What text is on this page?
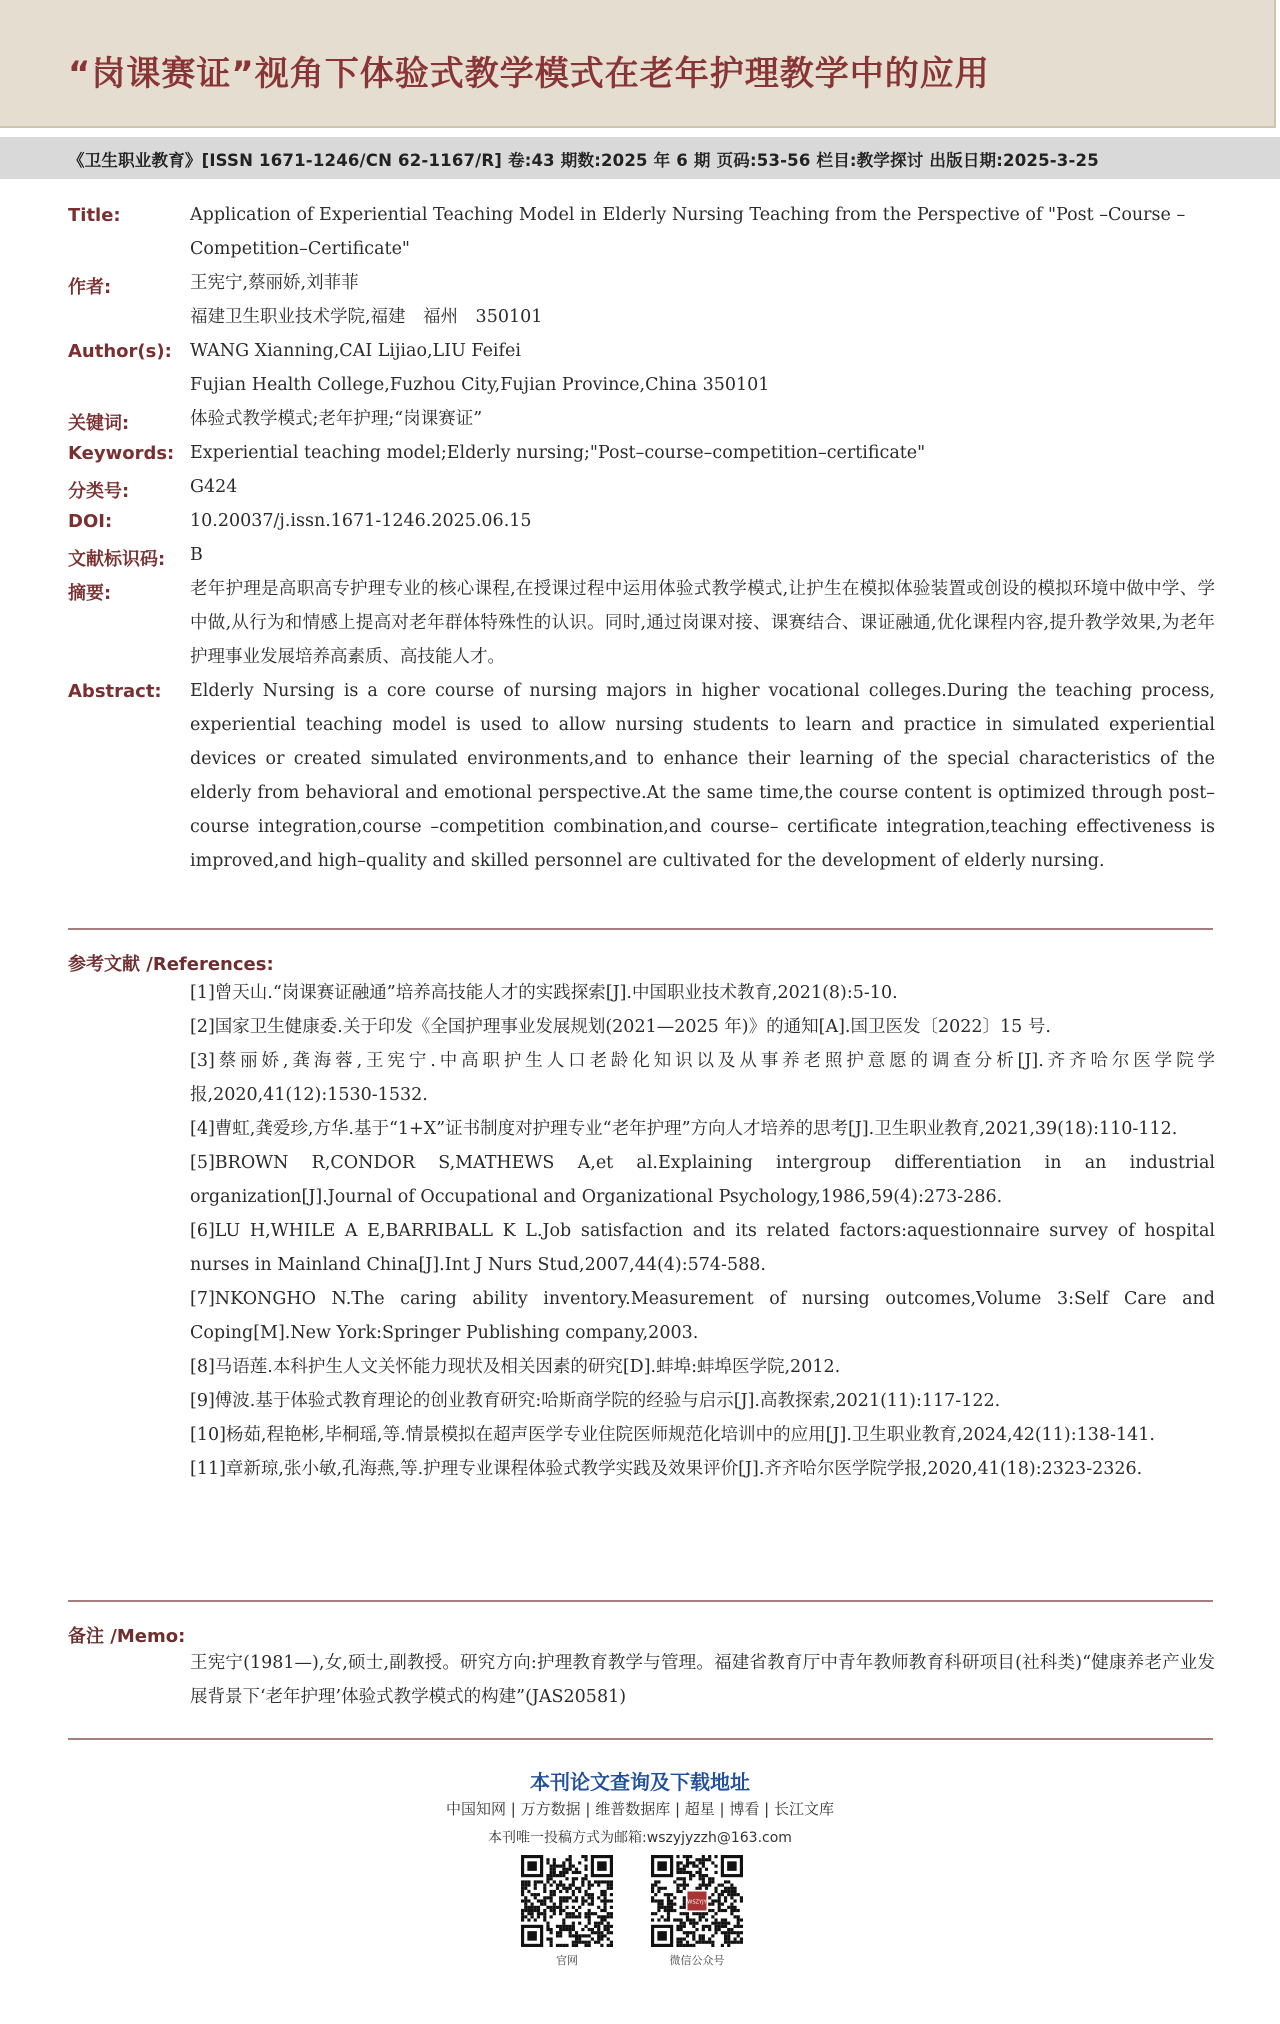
“岗课赛证”视角下体验式教学模式在老年护理教学中的应用
《卫生职业教育》[ISSN 1671-1246/CN 62-1167/R] 卷:43 期数:2025 年 6 期 页码:53-56 栏目:教学探讨 出版日期:2025-3-25
Title:	Application of Experiential Teaching Model in Elderly Nursing Teaching from the Perspective of "Post –Course –

Competition–Certificate"

作者:	王宪宁,蔡丽娇,刘菲菲

福建卫生职业技术学院,福建　福州　350101

Author(s): WANG Xianning,CAI Lijiao,LIU Feifei

Fujian Health College,Fuzhou City,Fujian Province,China 350101

关键词:	体验式教学模式;老年护理;“岗课赛证”
Keywords: Experiential teaching model;Elderly nursing;"Post–course–competition–certificate"
分类号:	G424
DOI:	10.20037/j.issn.1671-1246.2025.06.15
文献标识码: B
摘要:	老年护理是高职高专护理专业的核心课程,在授课过程中运用体验式教学模式,让护生在模拟体验装置或创设的模拟环境中做中学、学中做,从行为和情感上提高对老年群体特殊性的认识。同时,通过岗课对接、课赛结合、课证融通,优化课程内容,提升教学效果,为老年护理事业发展培养高素质、高技能人才。
Abstract: Elderly Nursing is a core course of nursing majors in higher vocational colleges.During the teaching process, experiential teaching model is used to allow nursing students to learn and practice in simulated experiential devices or created simulated environments,and to enhance their learning of the special characteristics of the elderly from behavioral and emotional perspective.At the same time,the course content is optimized through post–course integration,course –competition combination,and course– certificate integration,teaching effectiveness is improved,and high–quality and skilled personnel are cultivated for the development of elderly nursing.
参考文献 /References:
[1]曾天山.“岗课赛证融通”培养高技能人才的实践探索[J].中国职业技术教育,2021(8):5-10.
[2]国家卫生健康委.关于印发《全国护理事业发展规划(2021—2025 年)》的通知[A].国卫医发〔2022〕15 号.
[3]蔡丽娇,龚海蓉,王宪宁.中高职护生人口老龄化知识以及从事养老照护意愿的调查分析[J].齐齐哈尔医学院学报,2020,41(12):1530-1532.
[4]曹虹,龚爱珍,方华.基于“1+X”证书制度对护理专业“老年护理”方向人才培养的思考[J].卫生职业教育,2021,39(18):110-112.
[5]BROWN R,CONDOR S,MATHEWS A,et al.Explaining intergroup differentiation in an industrial organization[J].Journal of Occupational and Organizational Psychology,1986,59(4):273-286.
[6]LU H,WHILE A E,BARRIBALL K L.Job satisfaction and its related factors:aquestionnaire survey of hospital nurses in Mainland China[J].Int J Nurs Stud,2007,44(4):574-588.
[7]NKONGHO N.The caring ability inventory.Measurement of nursing outcomes,Volume 3:Self Care and Coping[M].New York:Springer Publishing company,2003.
[8]马语莲.本科护生人文关怀能力现状及相关因素的研究[D].蚌埠:蚌埠医学院,2012.
[9]傅波.基于体验式教育理论的创业教育研究:哈斯商学院的经验与启示[J].高教探索,2021(11):117-122.
[10]杨茹,程艳彬,毕桐瑶,等.情景模拟在超声医学专业住院医师规范化培训中的应用[J].卫生职业教育,2024,42(11):138-141.
[11]章新琼,张小敏,孔海燕,等.护理专业课程体验式教学实践及效果评价[J].齐齐哈尔医学院学报,2020,41(18):2323-2326.
备注 /Memo:
王宪宁(1981—),女,硕士,副教授。研究方向:护理教育教学与管理。福建省教育厅中青年教师教育科研项目(社科类)“健康养老产业发展背景下‘老年护理’体验式教学模式的构建”(JAS20581)
本刊论文查询及下载地址
中国知网 | 万方数据 | 维普数据库 | 超星 | 博看 | 长江文库
本刊唯一投稿方式为邮箱:wszyjyzzh@163.com
WSZYJY
官网	微信公众号
